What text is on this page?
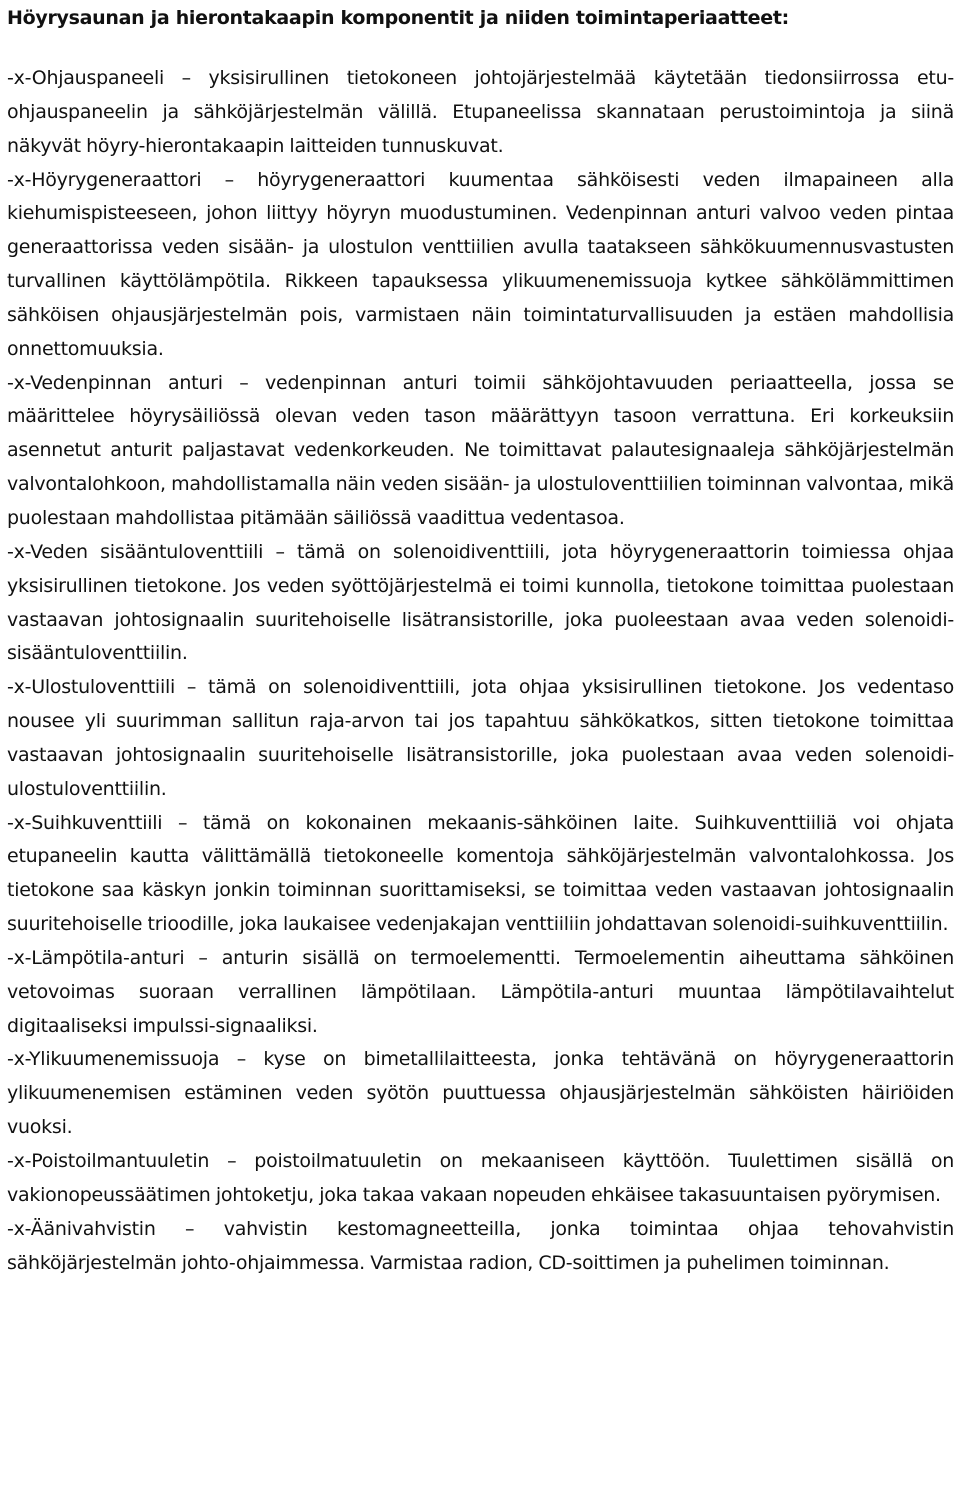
Höyrysaunan ja hierontakaapin komponentit ja niiden toimintaperiaatteet:

-x-Ohjauspaneeli – yksisirullinen tietokoneen johtojärjestelmää käytetään tiedonsiirrossa etu-ohjauspaneelin ja sähköjärjestelmän välillä. Etupaneelissa skannataan perustoimintoja ja siinä näkyvät höyry-hierontakaapin laitteiden tunnuskuvat.

-x-Höyrygeneraattori – höyrygeneraattori kuumentaa sähköisesti veden ilmapaineen alla kiehumispisteeseen, johon liittyy höyryn muodustuminen. Vedenpinnan anturi valvoo veden pintaa generaattorissa veden sisään- ja ulostulon venttiilien avulla taatakseen sähkökuumennusvastusten turvallinen käyttölämpötila. Rikkeen tapauksessa ylikuumenemissuoja kytkee sähkölämmittimen sähköisen ohjausjärjestelmän pois, varmistaen näin toimintaturvallisuuden ja estäen mahdollisia onnettomuuksia.

-x-Vedenpinnan anturi – vedenpinnan anturi toimii sähköjohtavuuden periaatteella, jossa se määrittelee höyrysäiliössä olevan veden tason määrättyyn tasoon verrattuna. Eri korkeuksiin asennetut anturit paljastavat vedenkorkeuden. Ne toimittavat palautesignaaleja sähköjärjestelmän valvontalohkoon, mahdollistamalla näin veden sisään- ja ulostuloventtiilien toiminnan valvontaa, mikä puolestaan mahdollistaa pitämään säiliössä vaadittua vedentasoa.

-x-Veden sisääntuloventtiili – tämä on solenoidiventtiili, jota höyrygeneraattorin toimiessa ohjaa yksisirullinen tietokone. Jos veden syöttöjärjestelmä ei toimi kunnolla, tietokone toimittaa puolestaan vastaavan johtosignaalin suuritehoiselle lisätransistorille, joka puoleestaan avaa veden solenoidi-sisääntuloventtiilin.

-x-Ulostuloventtiili – tämä on solenoidiventtiili, jota ohjaa yksisirullinen tietokone. Jos vedentaso nousee yli suurimman sallitun raja-arvon tai jos tapahtuu sähkökatkos, sitten tietokone toimittaa vastaavan johtosignaalin suuritehoiselle lisätransistorille, joka puolestaan avaa veden solenoidi-ulostuloventtiilin.

-x-Suihkuventtiili – tämä on kokonainen mekaanis-sähköinen laite. Suihkuventtiiliä voi ohjata etupaneelin kautta välittämällä tietokoneelle komentoja sähköjärjestelmän valvontalohkossa. Jos tietokone saa käskyn jonkin toiminnan suorittamiseksi, se toimittaa veden vastaavan johtosignaalin suuritehoiselle trioodille, joka laukaisee vedenjakajan venttiiliin johdattavan solenoidi-suihkuventtiilin.

-x-Lämpötila-anturi – anturin sisällä on termoelementti. Termoelementin aiheuttama sähköinen vetovoimas suoraan verrallinen lämpötilaan. Lämpötila-anturi muuntaa lämpötilavaihtelut digitaaliseksi impulssi-signaaliksi.

-x-Ylikuumenemissuoja – kyse on bimetallilaitteesta, jonka tehtävänä on höyrygeneraattorin ylikuumenemisen estäminen veden syötön puuttuessa ohjausjärjestelmän sähköisten häiriöiden vuoksi.

-x-Poistoilmantuuletin – poistoilmatuuletin on mekaaniseen käyttöön. Tuulettimen sisällä on vakionopeussäätimen johtoketju, joka takaa vakaan nopeuden ehkäisee takasuuntaisen pyörymisen.

-x-Äänivahvistin – vahvistin kestomagneetteilla, jonka toimintaa ohjaa tehovahvistin sähköjärjestelmän johto-ohjaimmessa. Varmistaa radion, CD-soittimen ja puhelimen toiminnan.
